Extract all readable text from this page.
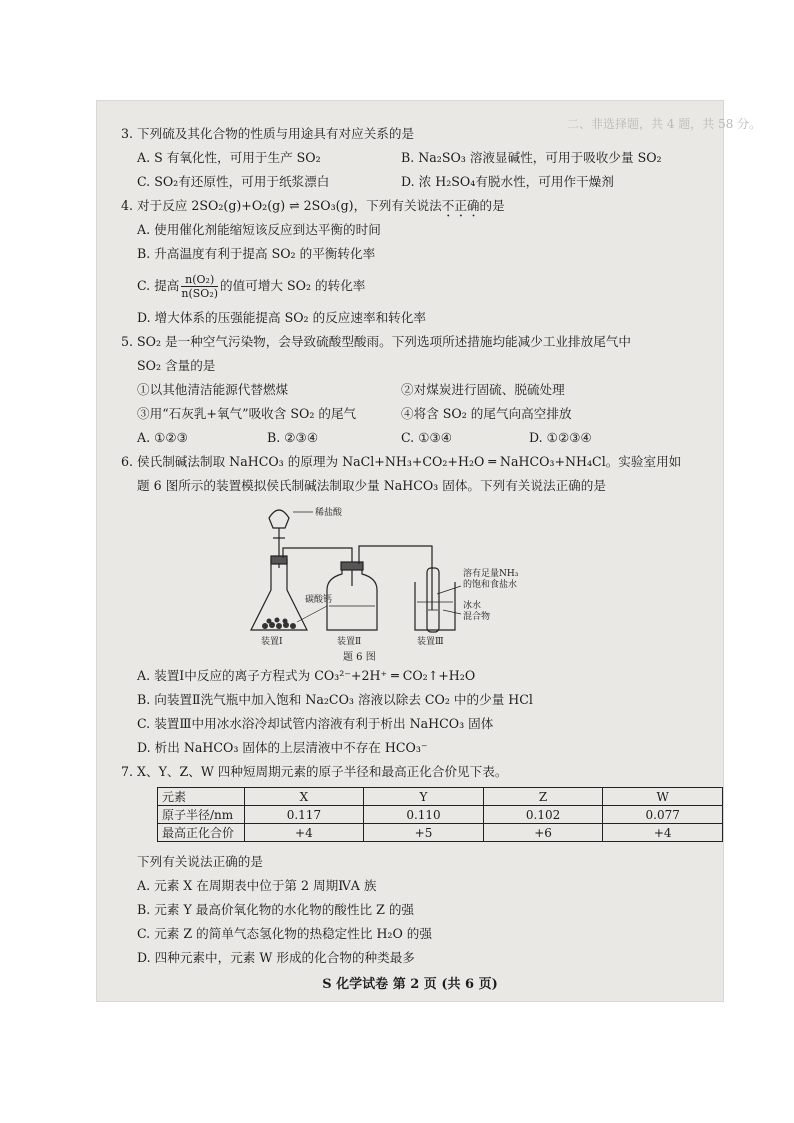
二、非选择题，共 4 题，共 58 分。
3. 下列硫及其化合物的性质与用途具有对应关系的是
A. S 有氧化性，可用于生产 SO₂	B. Na₂SO₃ 溶液显碱性，可用于吸收少量 SO₂
C. SO₂有还原性，可用于纸浆漂白	D. 浓 H₂SO₄有脱水性，可用作干燥剂
4. 对于反应 2SO₂(g)+O₂(g) ⇌ 2SO₃(g)，下列有关说法不正确的是
A. 使用催化剂能缩短该反应到达平衡的时间
B. 升高温度有利于提高 SO₂ 的平衡转化率
C. 提高 $\frac{\text{n(O₂)}}{\text{n(SO₂)}}$ 的值可增大 SO₂ 的转化率
D. 增大体系的压强能提高 SO₂ 的反应速率和转化率
5. SO₂ 是一种空气污染物，会导致硫酸型酸雨。下列选项所述措施均能减少工业排放尾气中
SO₂ 含量的是
①以其他清洁能源代替燃煤	②对煤炭进行固硫、脱硫处理
③用“石灰乳+氧气”吸收含 SO₂ 的尾气	④将含 SO₂ 的尾气向高空排放
A. ①②③	B. ②③④	C. ①③④	D. ①②③④
6. 侯氏制碱法制取 NaHCO₃ 的原理为 NaCl+NH₃+CO₂+H₂O ═ NaHCO₃+NH₄Cl。实验室用如
题 6 图所示的装置模拟侯氏制碱法制取少量 NaHCO₃ 固体。下列有关说法正确的是
稀盐酸
碳酸钙
溶有足量NH₃
的饱和食盐水
冰水
混合物
装置Ⅰ	装置Ⅱ	装置Ⅲ
题 6 图
A. 装置Ⅰ中反应的离子方程式为 CO₃²⁻+2H⁺ ═ CO₂↑+H₂O
B. 向装置Ⅱ洗气瓶中加入饱和 Na₂CO₃ 溶液以除去 CO₂ 中的少量 HCl
C. 装置Ⅲ中用冰水浴冷却试管内溶液有利于析出 NaHCO₃ 固体
D. 析出 NaHCO₃ 固体的上层清液中不存在 HCO₃⁻
7. X、Y、Z、W 四种短周期元素的原子半径和最高正化合价见下表。
元素	X	Y	Z	W
原子半径/nm	0.117	0.110	0.102	0.077
最高正化合价	+4	+5	+6	+4
下列有关说法正确的是
A. 元素 X 在周期表中位于第 2 周期ⅣA 族
B. 元素 Y 最高价氧化物的水化物的酸性比 Z 的强
C. 元素 Z 的简单气态氢化物的热稳定性比 H₂O 的强
D. 四种元素中，元素 W 形成的化合物的种类最多
S 化学试卷 第 2 页 (共 6 页)
